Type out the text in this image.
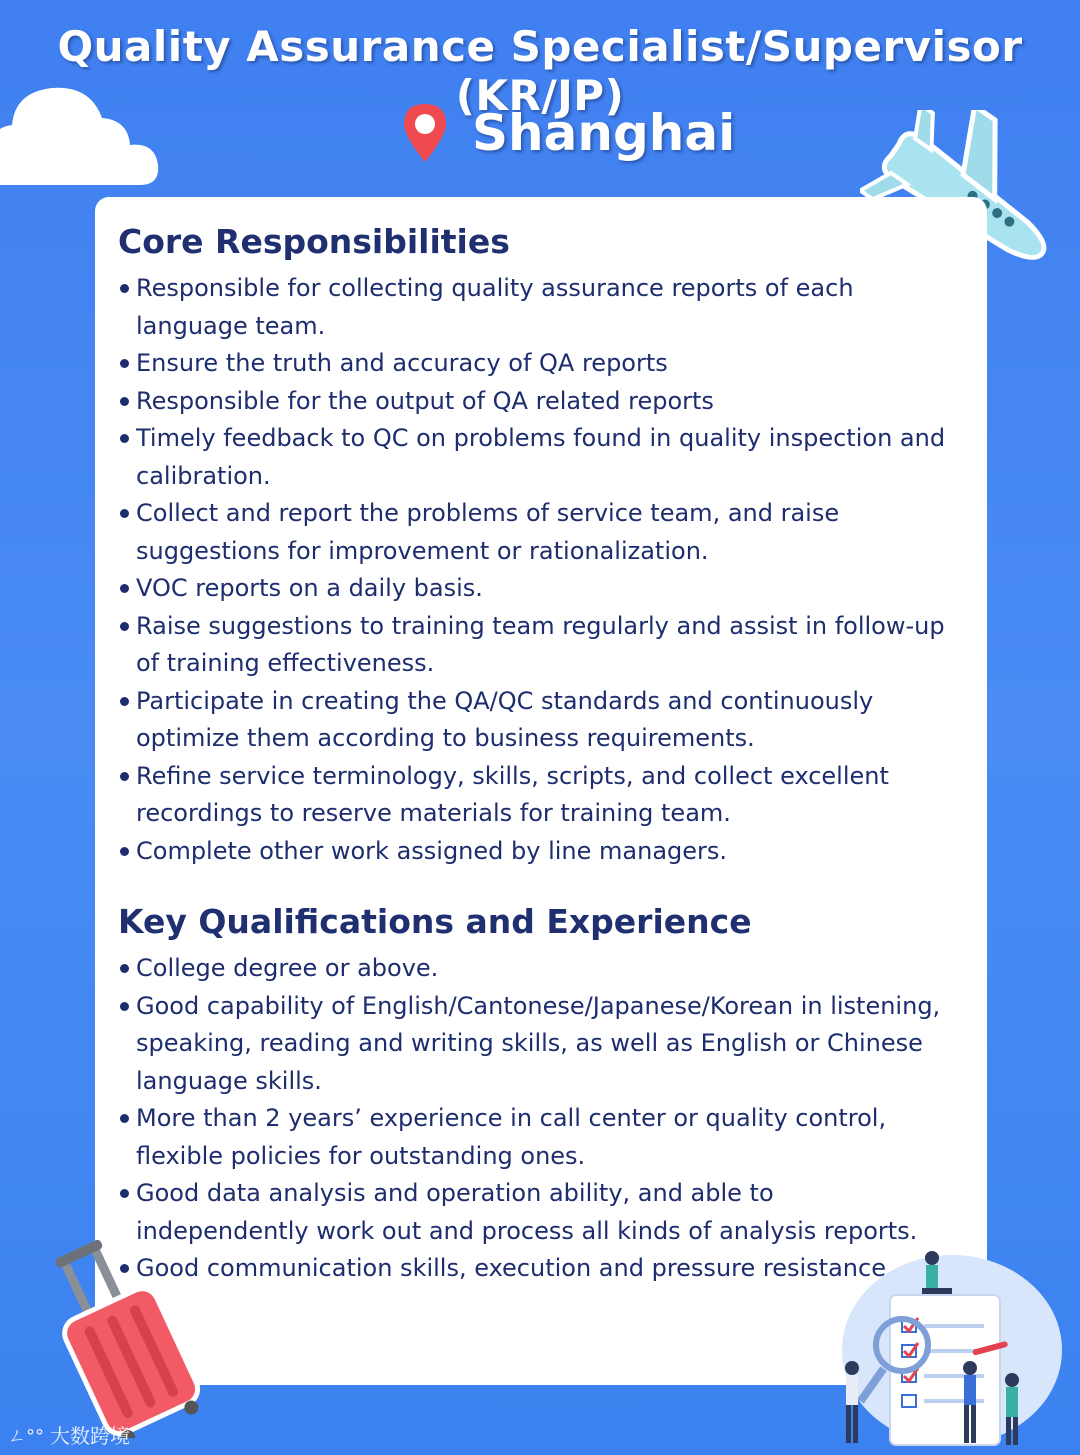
Quality Assurance Specialist/Supervisor (KR/JP)
Shanghai
Core Responsibilities
Responsible for collecting quality assurance reports of each language team.
Ensure the truth and accuracy of QA reports
Responsible for the output of QA related reports
Timely feedback to QC on problems found in quality inspection and calibration.
Collect and report the problems of service team, and raise suggestions for improvement or rationalization.
VOC reports on a daily basis.
Raise suggestions to training team regularly and assist in follow-up of training effectiveness.
Participate in creating the QA/QC standards and continuously optimize them according to business requirements.
Refine service terminology, skills, scripts, and collect excellent recordings to reserve materials for training team.
Complete other work assigned by line managers.
Key Qualifications and Experience
College degree or above.
Good capability of English/Cantonese/Japanese/Korean in listening, speaking, reading and writing skills, as well as English or Chinese language skills.
More than 2 years’ experience in call center or quality control, flexible policies for outstanding ones.
Good data analysis and operation ability, and able to independently work out and process all kinds of analysis reports.
Good communication skills, execution and pressure resistance.
ㄥ°° 大数跨境
